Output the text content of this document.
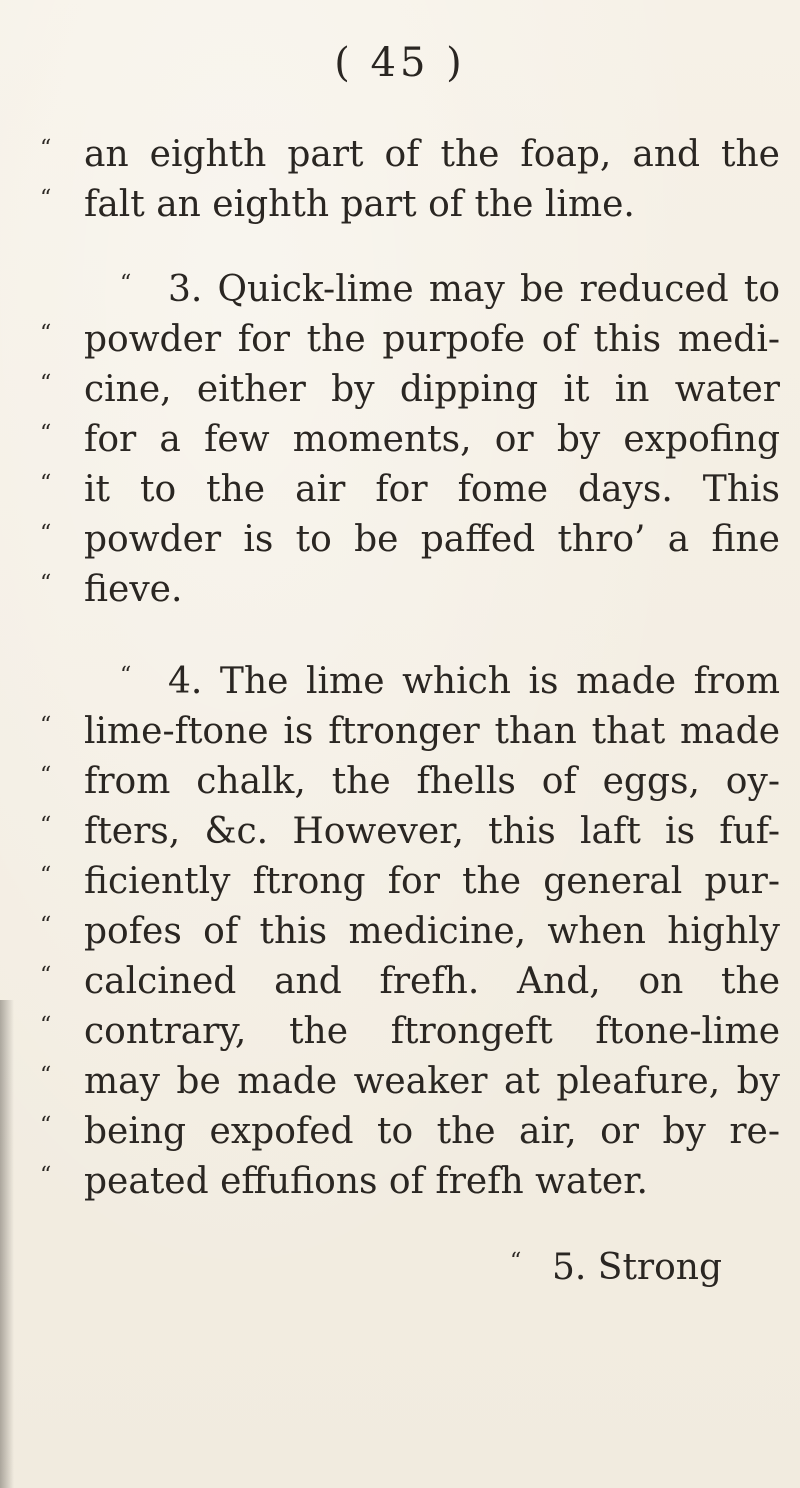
( 45 )
“ an eighth part of the foap, and the
“ falt an eighth part of the lime.
“	3. Quick-lime may be reduced to
“ powder for the purpofe of this medi-
“ cine, either by dipping it in water
“ for a few moments, or by expofing
“ it to the air for fome days. This
“ powder is to be paffed thro’ a fine
“ fieve.
“	4. The lime which is made from
“ lime-ftone is ftronger than that made
“ from chalk, the fhells of eggs, oy-
“ fters, &c. However, this laft is fuf-
“ ficiently ftrong for the general pur-
“ pofes of this medicine, when highly
“ calcined and frefh. And, on the
“ contrary, the ftrongeft ftone-lime
“ may be made weaker at pleafure, by
“ being expofed to the air, or by re-
“ peated effufions of frefh water.
“ 5. Strong
